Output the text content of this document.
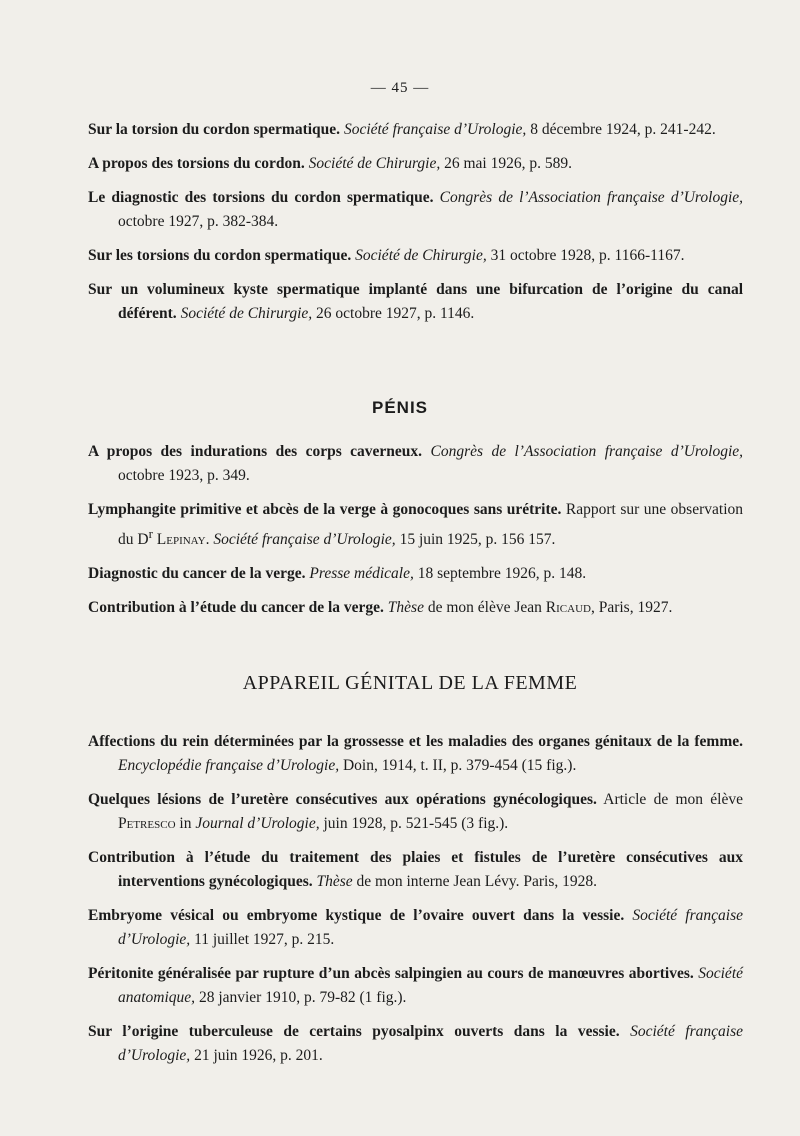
— 45 —

Sur la torsion du cordon spermatique. Société française d’Urologie, 8 décembre 1924, p. 241-242.

A propos des torsions du cordon. Société de Chirurgie, 26 mai 1926, p. 589.

Le diagnostic des torsions du cordon spermatique. Congrès de l’Association française d’Urologie, octobre 1927, p. 382-384.

Sur les torsions du cordon spermatique. Société de Chirurgie, 31 octobre 1928, p. 1166-1167.

Sur un volumineux kyste spermatique implanté dans une bifurcation de l’origine du canal déférent. Société de Chirurgie, 26 octobre 1927, p. 1146.

PÉNIS

A propos des indurations des corps caverneux. Congrès de l’Association française d’Urologie, octobre 1923, p. 349.

Lymphangite primitive et abcès de la verge à gonocoques sans urétrite. Rapport sur une observation du $D^r$ Lepinay. Société française d’Urologie, 15 juin 1925, p. 156 157.

Diagnostic du cancer de la verge. Presse médicale, 18 septembre 1926, p. 148.

Contribution à l’étude du cancer de la verge. Thèse de mon élève Jean Ricaud, Paris, 1927.

APPAREIL GÉNITAL DE LA FEMME

Affections du rein déterminées par la grossesse et les maladies des organes génitaux de la femme. Encyclopédie française d’Urologie, Doin, 1914, t. II, p. 379-454 (15 fig.).

Quelques lésions de l’uretère consécutives aux opérations gynécologiques. Article de mon élève Petresco in Journal d’Urologie, juin 1928, p. 521-545 (3 fig.).

Contribution à l’étude du traitement des plaies et fistules de l’uretère consécutives aux interventions gynécologiques. Thèse de mon interne Jean Lévy. Paris, 1928.

Embryome vésical ou embryome kystique de l’ovaire ouvert dans la vessie. Société française d’Urologie, 11 juillet 1927, p. 215.

Péritonite généralisée par rupture d’un abcès salpingien au cours de manœuvres abortives. Société anatomique, 28 janvier 1910, p. 79-82 (1 fig.).

Sur l’origine tuberculeuse de certains pyosalpinx ouverts dans la vessie. Société française d’Urologie, 21 juin 1926, p. 201.
